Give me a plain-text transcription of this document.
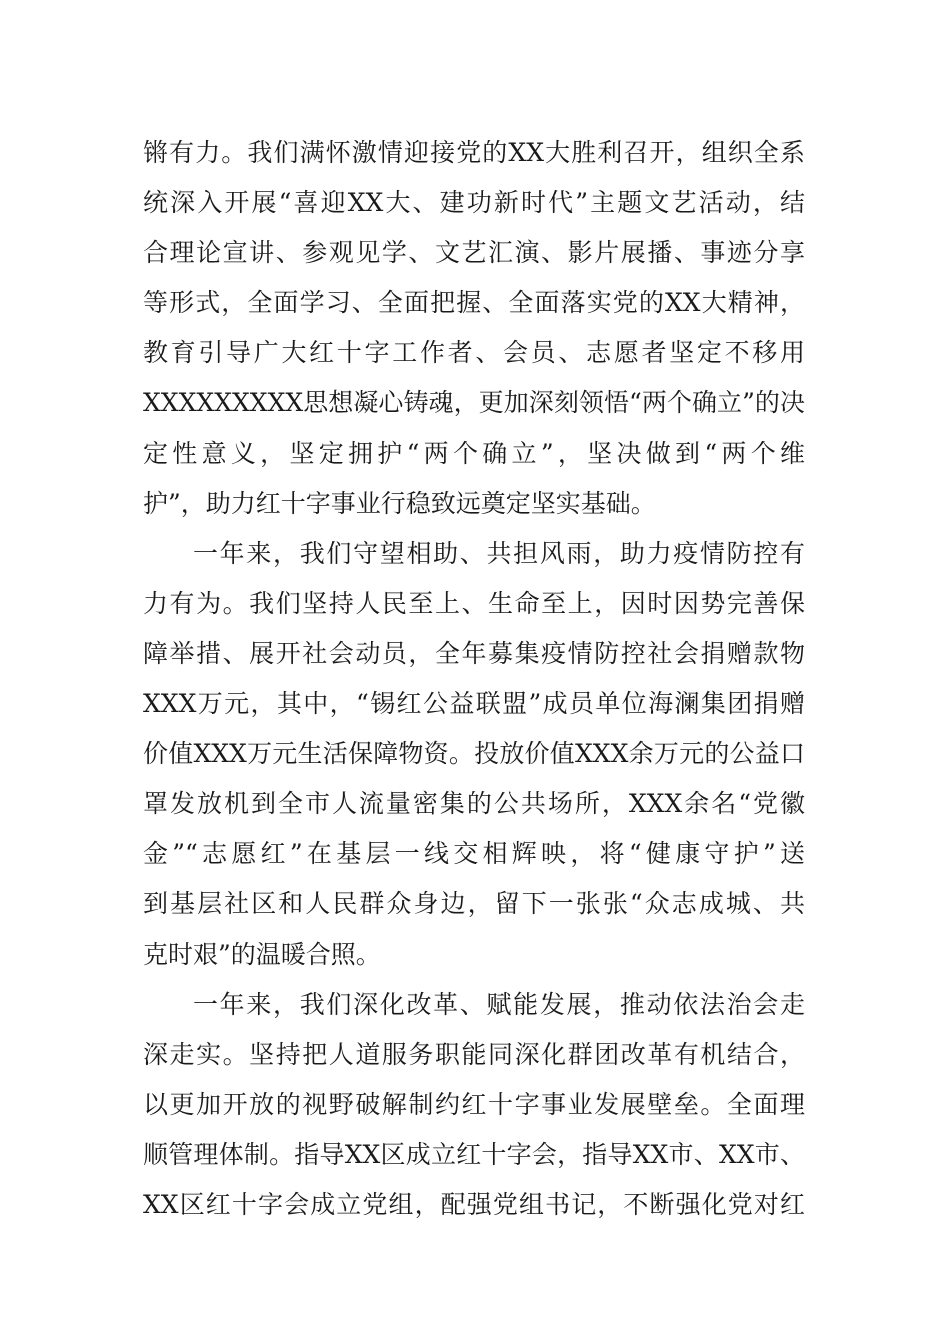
锵有力。我们满怀激情迎接党的XX大胜利召开，组织全系
统深入开展“喜迎XX大、建功新时代”主题文艺活动，结
合理论宣讲、参观见学、文艺汇演、影片展播、事迹分享
等形式，全面学习、全面把握、全面落实党的XX大精神，
教育引导广大红十字工作者、会员、志愿者坚定不移用
XXXXXXXXX思想凝心铸魂，更加深刻领悟“两个确立”的决
定性意义，坚定拥护“两个确立”，坚决做到“两个维
护”，助力红十字事业行稳致远奠定坚实基础。
一年来，我们守望相助、共担风雨，助力疫情防控有
力有为。我们坚持人民至上、生命至上，因时因势完善保
障举措、展开社会动员，全年募集疫情防控社会捐赠款物
XXX万元，其中，“锡红公益联盟”成员单位海澜集团捐赠
价值XXX万元生活保障物资。投放价值XXX余万元的公益口
罩发放机到全市人流量密集的公共场所，XXX余名“党徽
金”“志愿红”在基层一线交相辉映，将“健康守护”送
到基层社区和人民群众身边，留下一张张“众志成城、共
克时艰”的温暖合照。
一年来，我们深化改革、赋能发展，推动依法治会走
深走实。坚持把人道服务职能同深化群团改革有机结合，
以更加开放的视野破解制约红十字事业发展壁垒。全面理
顺管理体制。指导XX区成立红十字会，指导XX市、XX市、
XX区红十字会成立党组，配强党组书记，不断强化党对红
